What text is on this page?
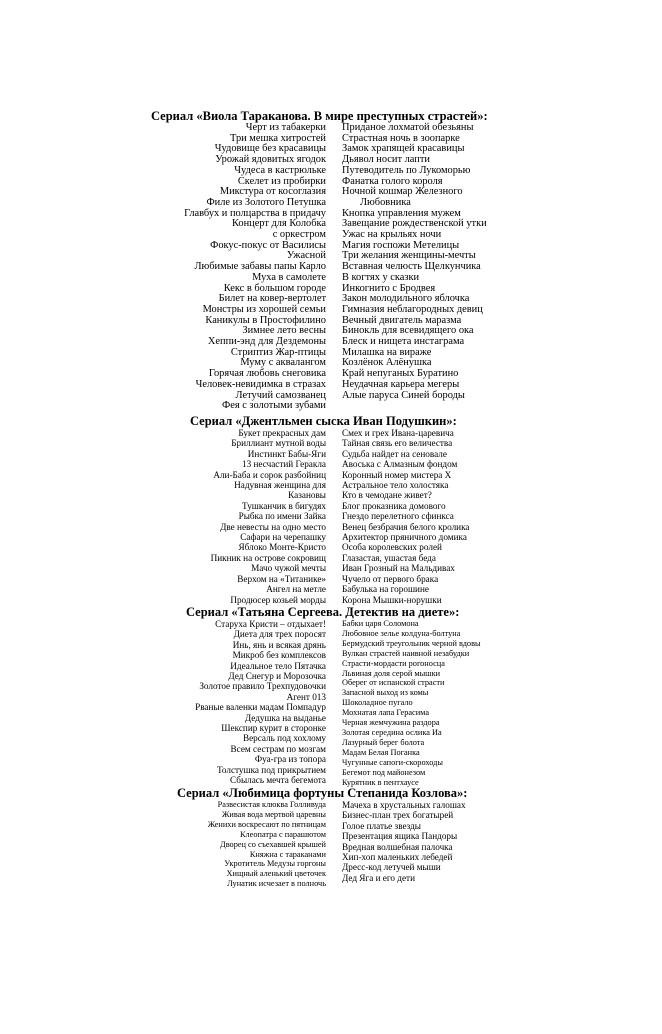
Сериал «Виола Тараканова. В мире преступных страстей»:
Черт из табакерки
Три мешка хитростей
Чудовище без красавицы
Урожай ядовитых ягодок
Чудеса в кастрюльке
Скелет из пробирки
Микстура от косоглазия
Филе из Золотого Петушка
Главбух и полцарства в придачу
Концерт для Колобка
с оркестром
Фокус-покус от Василисы
Ужасной
Любимые забавы папы Карло
Муха в самолете
Кекс в большом городе
Билет на ковер-вертолет
Монстры из хорошей семьи
Каникулы в Простофилино
Зимнее лето весны
Хеппи-энд для Дездемоны
Стриптиз Жар-птицы
Муму с аквалангом
Горячая любовь снеговика
Человек-невидимка в стразах
Летучий самозванец
Фея с золотыми зубами
Приданое лохматой обезьяны
Страстная ночь в зоопарке
Замок храпящей красавицы
Дьявол носит лапти
Путеводитель по Лукоморью
Фанатка голого короля
Ночной кошмар Железного
Любовника
Кнопка управления мужем
Завещание рождественской утки
Ужас на крыльях ночи
Магия госпожи Метелицы
Три желания женщины-мечты
Вставная челюсть Щелкунчика
В когтях у сказки
Инкогнито с Бродвея
Закон молодильного яблочка
Гимназия неблагородных девиц
Вечный двигатель маразма
Бинокль для всевидящего ока
Блеск и нищета инстаграма
Милашка на вираже
Козлёнок Алёнушка
Край непуганых Буратино
Неудачная карьера мегеры
Алые паруса Синей бороды
Сериал «Джентльмен сыска Иван Подушкин»:
Букет прекрасных дам
Бриллиант мутной воды
Инстинкт Бабы-Яги
13 несчастий Геракла
Али-Баба и сорок разбойниц
Надувная женщина для
Казановы
Тушканчик в бигудях
Рыбка по имени Зайка
Две невесты на одно место
Сафари на черепашку
Яблоко Монте-Кристо
Пикник на острове сокровищ
Мачо чужой мечты
Верхом на «Титанике»
Ангел на метле
Продюсер козьей морды
Смех и грех Ивана-царевича
Тайная связь его величества
Судьба найдет на сеновале
Авоська с Алмазным фондом
Коронный номер мистера Х
Астральное тело холостяка
Кто в чемодане живет?
Блог проказника домового
Гнездо перелетного сфинкса
Венец безбрачия белого кролика
Архитектор пряничного домика
Особа королевских ролей
Глазастая, ушастая беда
Иван Грозный на Мальдивах
Чучело от первого брака
Бабулька на горошине
Корона Мышки-норушки
Сериал «Татьяна Сергеева. Детектив на диете»:
Старуха Кристи – отдыхает!
Диета для трех поросят
Инь, янь и всякая дрянь
Микроб без комплексов
Идеальное тело Пятачка
Дед Снегур и Морозочка
Золотое правило Трехпудовочки
Агент 013
Рваные валенки мадам Помпадур
Дедушка на выданье
Шекспир курит в сторонке
Версаль под хохлому
Всем сестрам по мозгам
Фуа-гра из топора
Толстушка под прикрытием
Сбылась мечта бегемота
Бабки царя Соломона
Любовное зелье колдуна-болтуна
Бермудский треугольник черной вдовы
Вулкан страстей наивной незабудки
Страсти-мордасти рогоносца
Львиная доля серой мышки
Оберег от испанской страсти
Запасной выход из комы
Шоколадное пугало
Мохнатая лапа Герасима
Черная жемчужина раздора
Золотая середина ослика Иа
Лазурный берег болота
Мадам Белая Поганка
Чугунные сапоги-скороходы
Бегемот под майонезом
Курятник в пентхаусе
Сериал «Любимица фортуны Степанида Козлова»:
Развесистая клюква Голливуда
Живая вода мертвой царевны
Женихи воскресают по пятницам
Клеопатра с парашютом
Дворец со съехавшей крышей
Княжна с тараканами
Укротитель Медузы горгоны
Хищный аленький цветочек
Лунатик исчезает в полночь
Мачеха в хрустальных галошах
Бизнес-план трех богатырей
Голое платье звезды
Презентация ящика Пандоры
Вредная волшебная палочка
Хип-хоп маленьких лебедей
Дресс-код летучей мыши
Дед Яга и его дети
